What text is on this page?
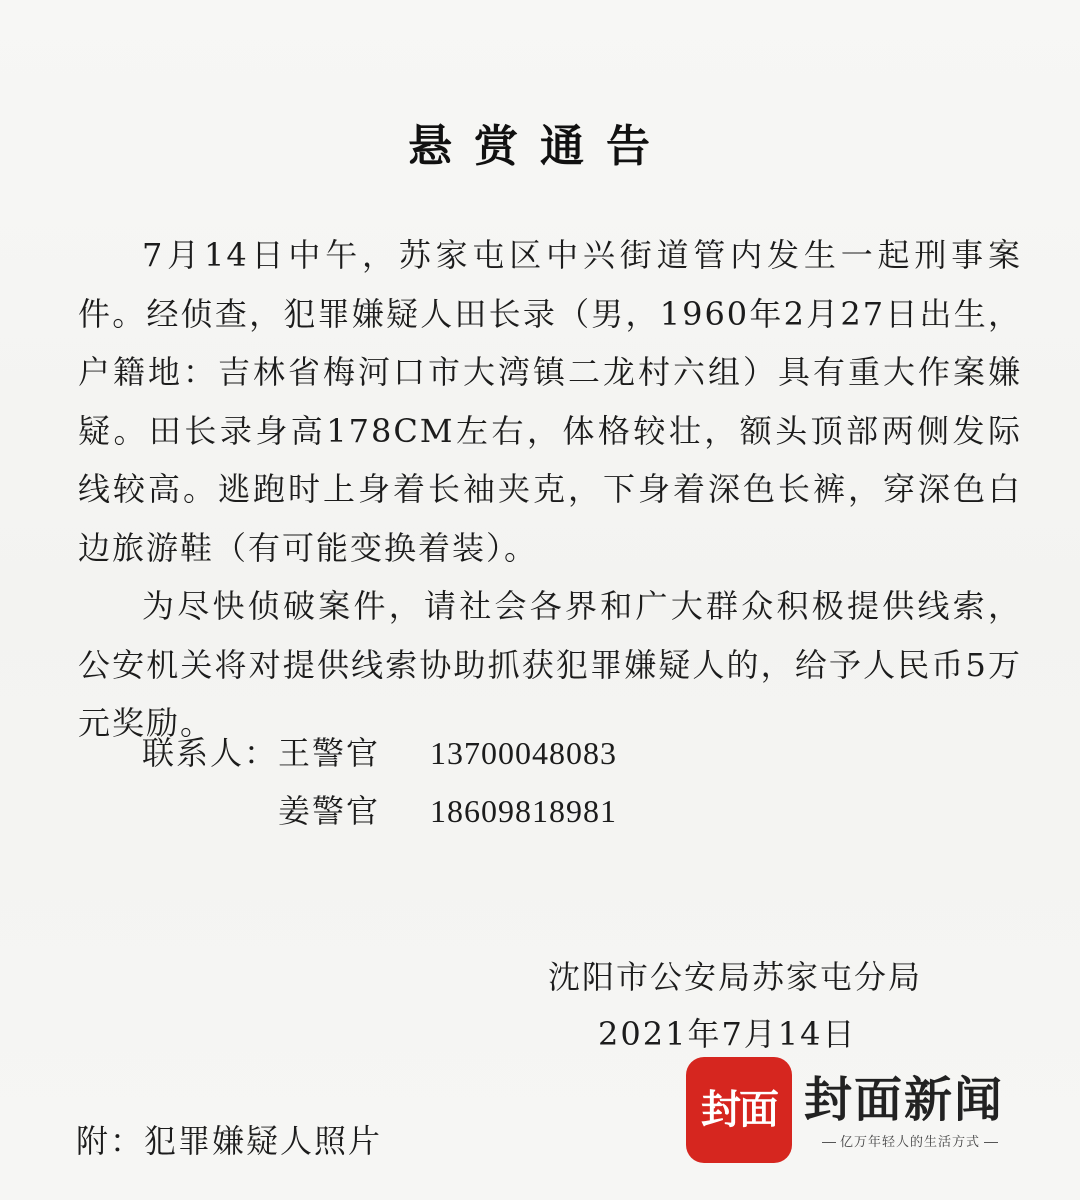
悬赏通告

7月14日中午，苏家屯区中兴街道管内发生一起刑事案件。经侦查，犯罪嫌疑人田长录（男，1960年2月27日出生，户籍地：吉林省梅河口市大湾镇二龙村六组）具有重大作案嫌疑。田长录身高178CM左右，体格较壮，额头顶部两侧发际线较高。逃跑时上身着长袖夹克，下身着深色长裤，穿深色白边旅游鞋（有可能变换着装）。

为尽快侦破案件，请社会各界和广大群众积极提供线索，公安机关将对提供线索协助抓获犯罪嫌疑人的，给予人民币5万元奖励。

联系人： 王警官	13700048083
姜警官	18609818981
沈阳市公安局苏家屯分局
2021年7月14日
附：犯罪嫌疑人照片
封面 封面新闻
亿万年轻人的生活方式
